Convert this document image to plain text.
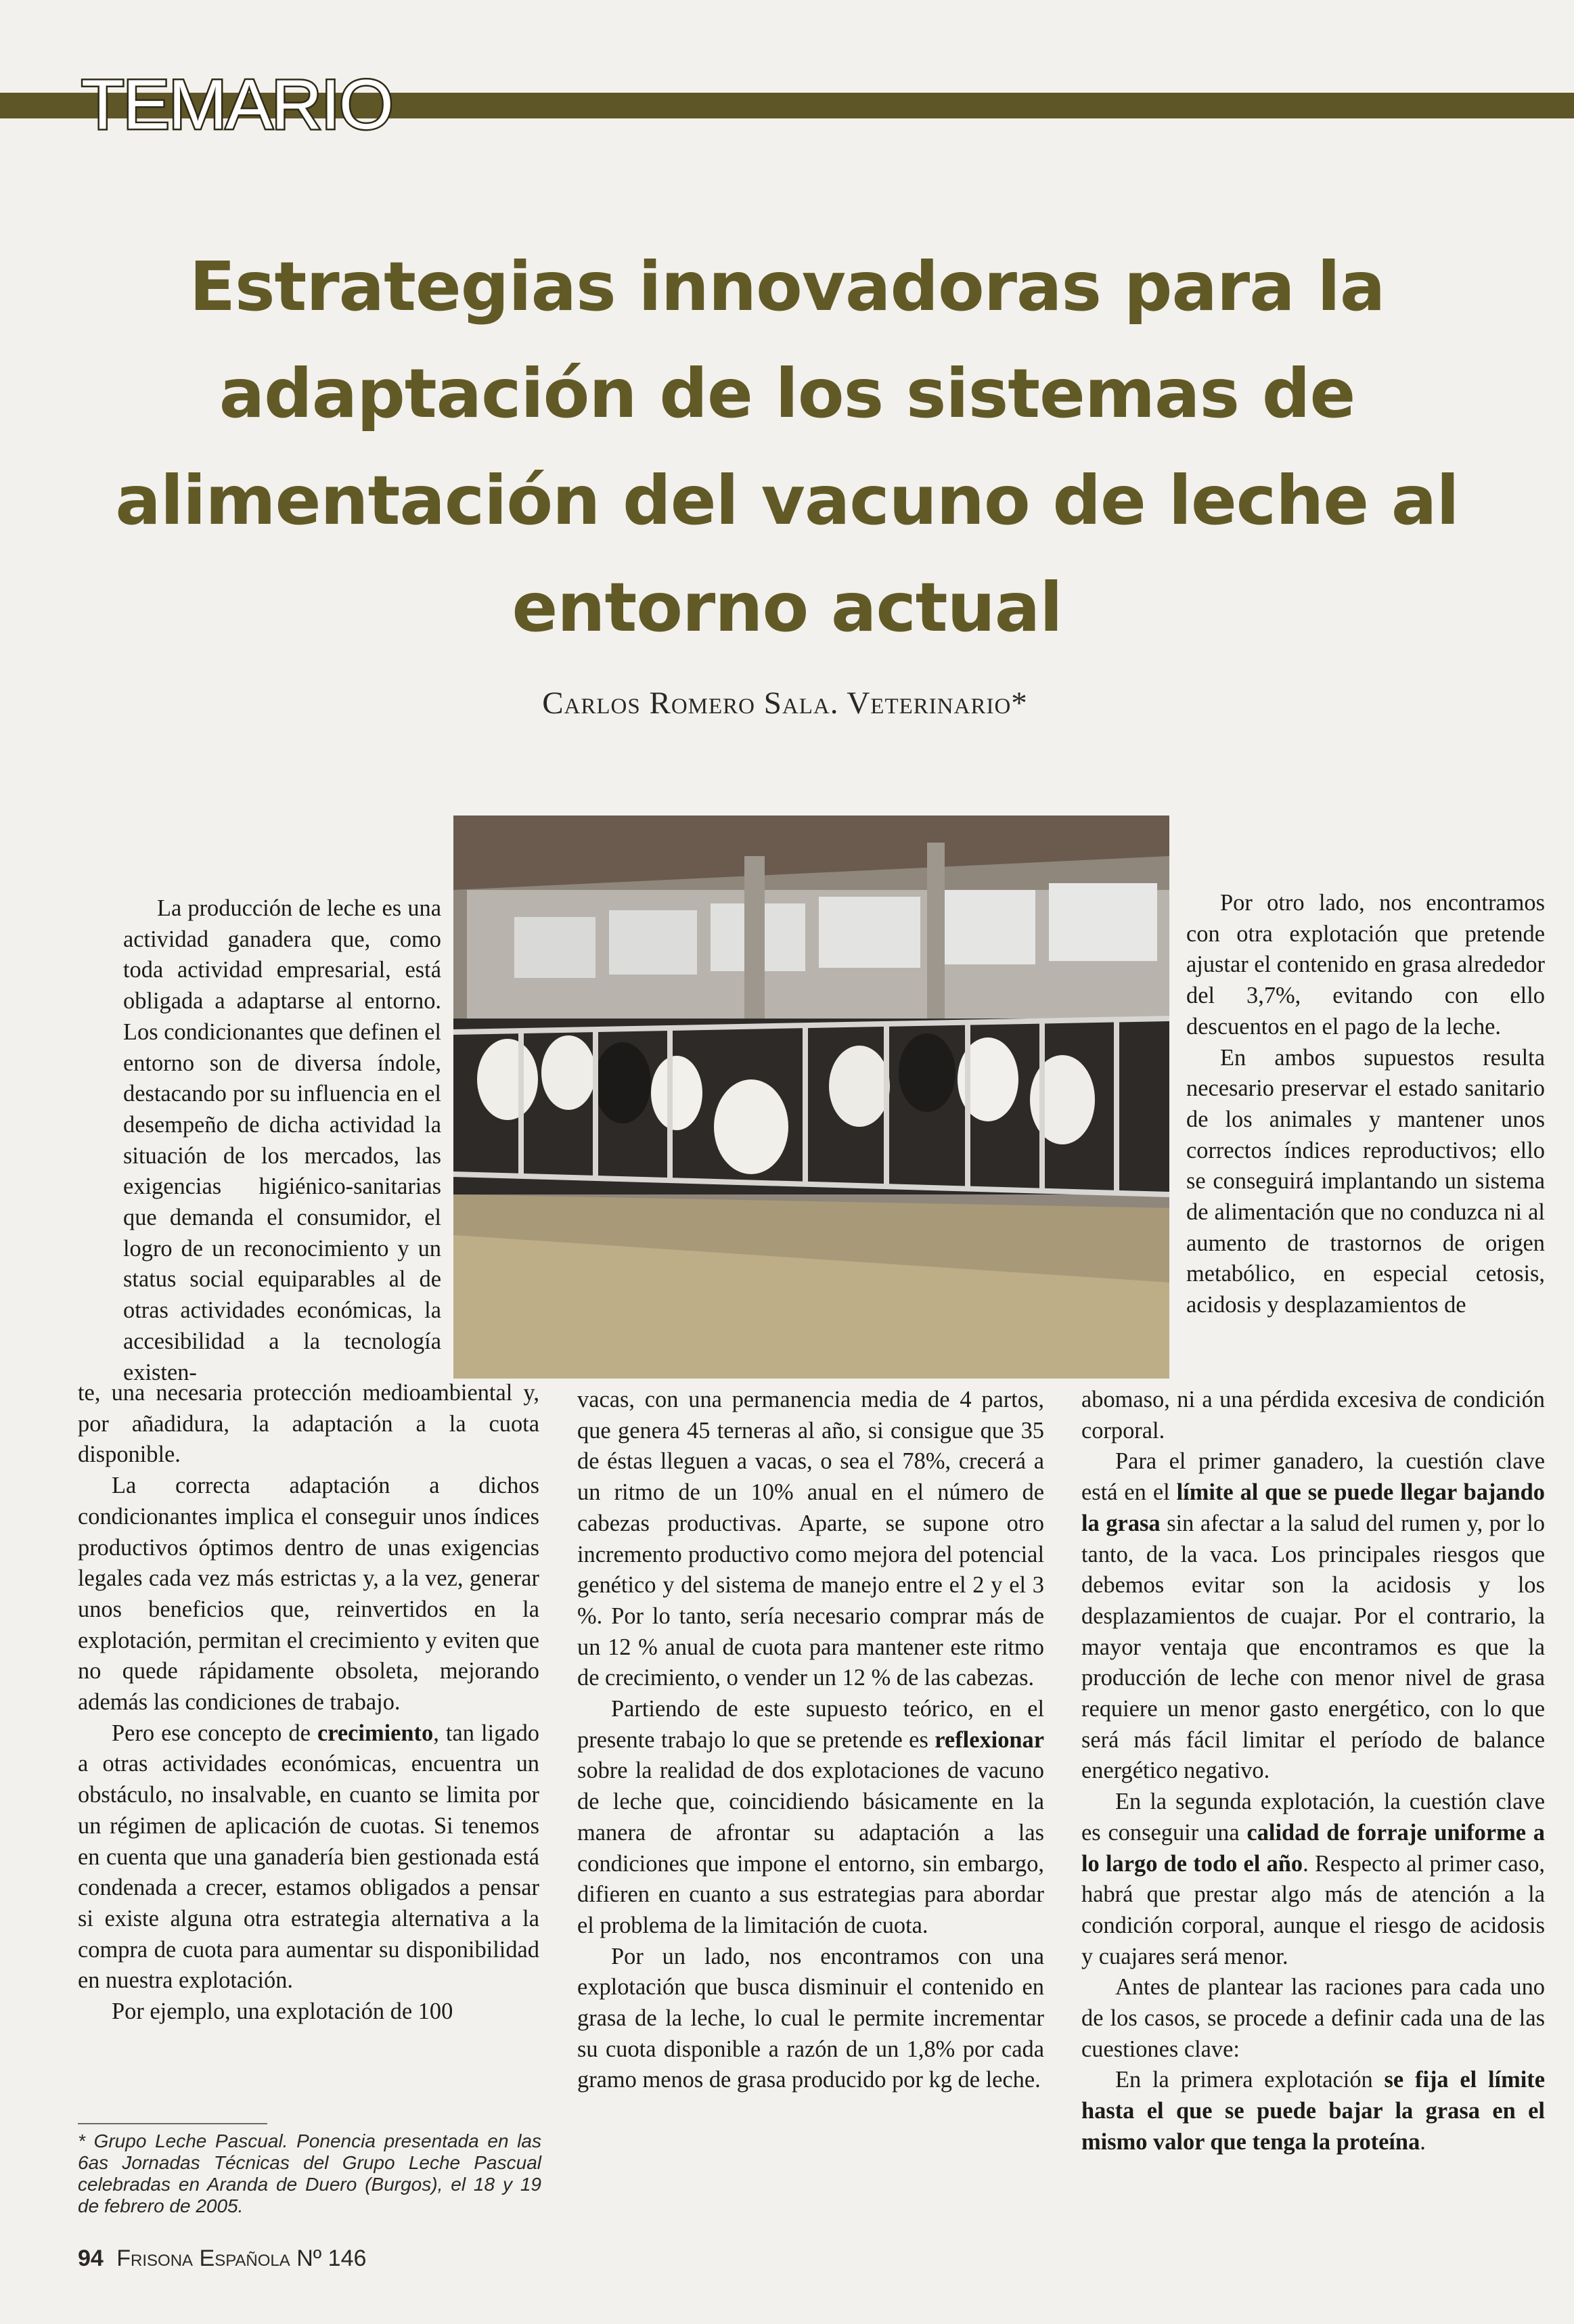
TEMARIO
Estrategias innovadoras para la adaptación de los sistemas de alimentación del vacuno de leche al entorno actual
Carlos Romero Sala. Veterinario*

La producción de leche es una actividad ganadera que, como toda actividad empresarial, está obligada a adaptarse al entorno. Los condicionantes que definen el entorno son de diversa índole, destacando por su influencia en el desempeño de dicha actividad la situación de los mercados, las exigencias higiénico-sanitarias que demanda el consumidor, el logro de un reconocimiento y un status social equiparables al de otras actividades económicas, la accesibilidad a la tecnología existen-

te, una necesaria protección medioambiental y, por añadidura, la adaptación a la cuota disponible.

La correcta adaptación a dichos condicionantes implica el conseguir unos índices productivos óptimos dentro de unas exigencias legales cada vez más estrictas y, a la vez, generar unos beneficios que, reinvertidos en la explotación, permitan el crecimiento y eviten que no quede rápidamente obsoleta, mejorando además las condiciones de trabajo.

Pero ese concepto de crecimiento, tan ligado a otras actividades económicas, encuentra un obstáculo, no insalvable, en cuanto se limita por un régimen de aplicación de cuotas. Si tenemos en cuenta que una ganadería bien gestionada está condenada a crecer, estamos obligados a pensar si existe alguna otra estrategia alternativa a la compra de cuota para aumentar su disponibilidad en nuestra explotación.

Por ejemplo, una explotación de 100

vacas, con una permanencia media de 4 partos, que genera 45 terneras al año, si consigue que 35 de éstas lleguen a vacas, o sea el 78%, crecerá a un ritmo de un 10% anual en el número de cabezas productivas. Aparte, se supone otro incremento productivo como mejora del potencial genético y del sistema de manejo entre el 2 y el 3 %. Por lo tanto, sería necesario comprar más de un 12 % anual de cuota para mantener este ritmo de crecimiento, o vender un 12 % de las cabezas.

Partiendo de este supuesto teórico, en el presente trabajo lo que se pretende es reflexionar sobre la realidad de dos explotaciones de vacuno de leche que, coincidiendo básicamente en la manera de afrontar su adaptación a las condiciones que impone el entorno, sin embargo, difieren en cuanto a sus estrategias para abordar el problema de la limitación de cuota.

Por un lado, nos encontramos con una explotación que busca disminuir el contenido en grasa de la leche, lo cual le permite incrementar su cuota disponible a razón de un 1,8% por cada gramo menos de grasa producido por kg de leche.

Por otro lado, nos encontramos con otra explotación que pretende ajustar el contenido en grasa alrededor del 3,7%, evitando con ello descuentos en el pago de la leche.

En ambos supuestos resulta necesario preservar el estado sanitario de los animales y mantener unos correctos índices reproductivos; ello se conseguirá implantando un sistema de alimentación que no conduzca ni al aumento de trastornos de origen metabólico, en especial cetosis, acidosis y desplazamientos de

abomaso, ni a una pérdida excesiva de condición corporal.

Para el primer ganadero, la cuestión clave está en el límite al que se puede llegar bajando la grasa sin afectar a la salud del rumen y, por lo tanto, de la vaca. Los principales riesgos que debemos evitar son la acidosis y los desplazamientos de cuajar. Por el contrario, la mayor ventaja que encontramos es que la producción de leche con menor nivel de grasa requiere un menor gasto energético, con lo que será más fácil limitar el período de balance energético negativo.

En la segunda explotación, la cuestión clave es conseguir una calidad de forraje uniforme a lo largo de todo el año. Respecto al primer caso, habrá que prestar algo más de atención a la condición corporal, aunque el riesgo de acidosis y cuajares será menor.

Antes de plantear las raciones para cada uno de los casos, se procede a definir cada una de las cuestiones clave:

En la primera explotación se fija el límite hasta el que se puede bajar la grasa en el mismo valor que tenga la proteína.

* Grupo Leche Pascual. Ponencia presentada en las 6as Jornadas Técnicas del Grupo Leche Pascual celebradas en Aranda de Duero (Burgos), el 18 y 19 de febrero de 2005.
94 Frisona Española Nº 146
